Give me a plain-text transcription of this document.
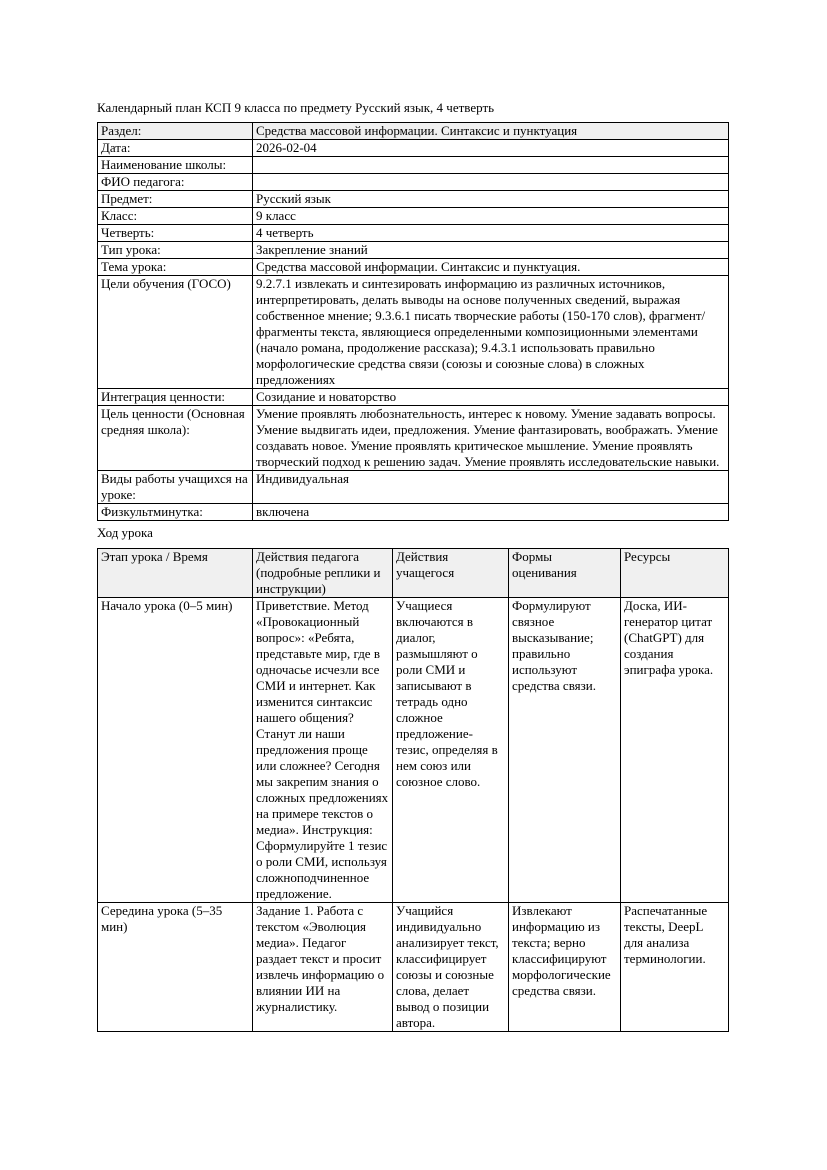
Календарный план КСП 9 класса по предмету Русский язык, 4 четверть

Раздел:	Средства массовой информации. Синтаксис и пунктуация
Дата:	2026-02-04
Наименование школы:	
ФИО педагога:	
Предмет:	Русский язык
Класс:	9 класс
Четверть:	4 четверть
Тип урока:	Закрепление знаний
Тема урока:	Средства массовой информации. Синтаксис и пунктуация.
Цели обучения (ГОСО)	9.2.7.1 извлекать и синтезировать информацию из различных источников, интерпретировать, делать выводы на основе полученных сведений, выражая собственное мнение; 9.3.6.1 писать творческие работы (150-170 слов), фрагмент/фрагменты текста, являющиеся определенными композиционными элементами (начало романа, продолжение рассказа); 9.4.3.1 использовать правильно морфологические средства связи (союзы и союзные слова) в сложных предложениях
Интеграция ценности:	Созидание и новаторство
Цель ценности (Основная средняя школа):	Умение проявлять любознательность, интерес к новому. Умение задавать вопросы. Умение выдвигать идеи, предложения. Умение фантазировать, воображать. Умение создавать новое. Умение проявлять критическое мышление. Умение проявлять творческий подход к решению задач. Умение проявлять исследовательские навыки.
Виды работы учащихся на уроке:	Индивидуальная
Физкультминутка:	включена

Ход урока

Этап урока / Время	Действия педагога (подробные реплики и инструкции)	Действия учащегося	Формы оценивания	Ресурсы
Начало урока (0–5 мин)	Приветствие. Метод «Провокационный вопрос»: «Ребята, представьте мир, где в одночасье исчезли все СМИ и интернет. Как изменится синтаксис нашего общения? Станут ли наши предложения проще или сложнее? Сегодня мы закрепим знания о сложных предложениях на примере текстов о медиа». Инструкция: Сформулируйте 1 тезис о роли СМИ, используя сложноподчиненное предложение.	Учащиеся включаются в диалог, размышляют о роли СМИ и записывают в тетрадь одно сложное предложение-тезис, определяя в нем союз или союзное слово.	Формулируют связное высказывание; правильно используют средства связи.	Доска, ИИ-генератор цитат (ChatGPT) для создания эпиграфа урока.
Середина урока (5–35 мин)	Задание 1. Работа с текстом «Эволюция медиа». Педагог раздает текст и просит извлечь информацию о влиянии ИИ на журналистику.	Учащийся индивидуально анализирует текст, классифицирует союзы и союзные слова, делает вывод о позиции автора.	Извлекают информацию из текста; верно классифицируют морфологические средства связи.	Распечатанные тексты, DeepL для анализа терминологии.
